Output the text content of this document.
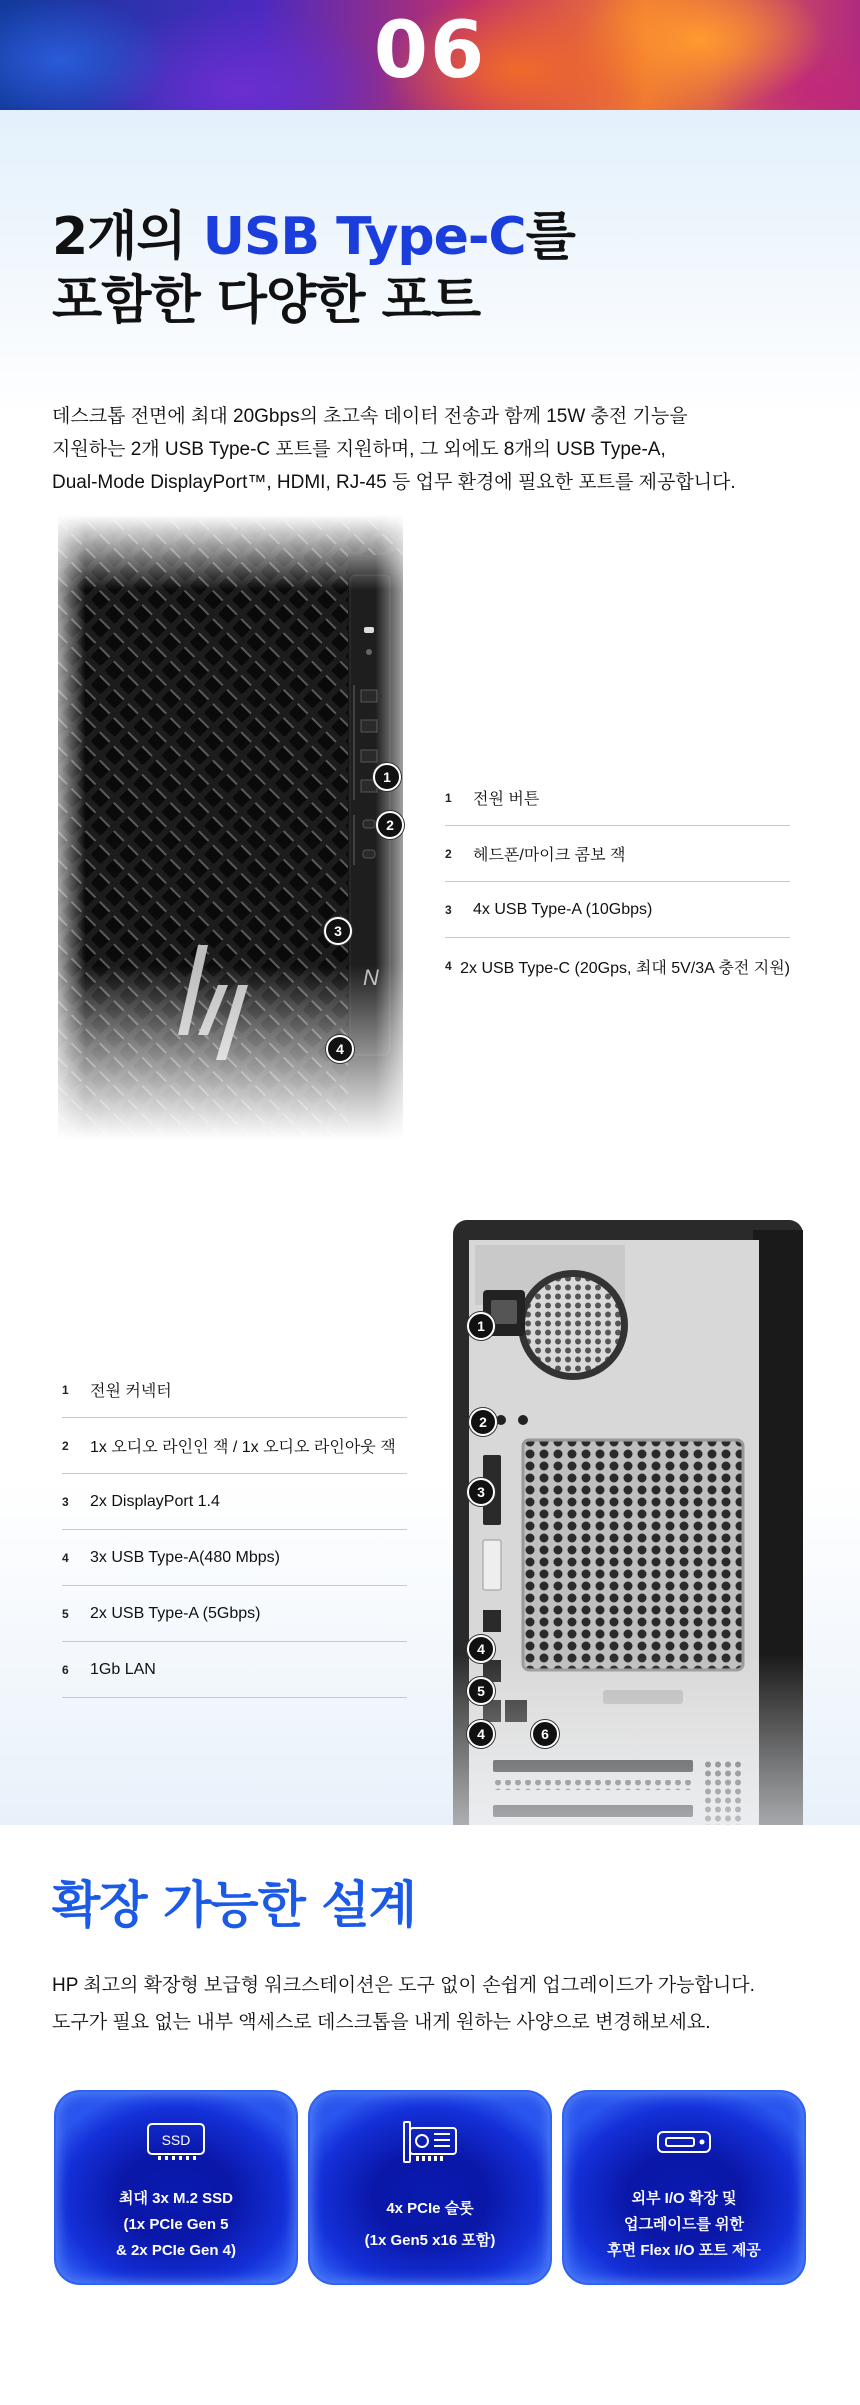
06
2개의 USB Type-C를
포함한 다양한 포트
데스크톱 전면에 최대 20Gbps의 초고속 데이터 전송과 함께 15W 충전 기능을
지원하는 2개 USB Type-C 포트를 지원하며, 그 외에도 8개의 USB Type-A,
Dual-Mode DisplayPort™, HDMI, RJ-45 등 업무 환경에 필요한 포트를 제공합니다.
1
2
3
4
1	전원 버튼
2	헤드폰/마이크 콤보 잭
3	4x USB Type-A (10Gbps)
4 2x USB Type-C (20Gps, 최대 5V/3A 충전 지원)
1
2
3
4
5
4	6
1	전원 커넥터
2	1x 오디오 라인인 잭 / 1x 오디오 라인아웃 잭
3	2x DisplayPort 1.4
4	3x USB Type-A(480 Mbps)
5	2x USB Type-A (5Gbps)
6	1Gb LAN
확장 가능한 설계
HP 최고의 확장형 보급형 워크스테이션은 도구 없이 손쉽게 업그레이드가 가능합니다.
도구가 필요 없는 내부 액세스로 데스크톱을 내게 원하는 사양으로 변경해보세요.
SSD
최대 3x M.2 SSD
(1x PCIe Gen 5
& 2x PCIe Gen 4)
4x PCIe 슬롯
(1x Gen5 x16 포함)
외부 I/O 확장 및
업그레이드를 위한
후면 Flex I/O 포트 제공
